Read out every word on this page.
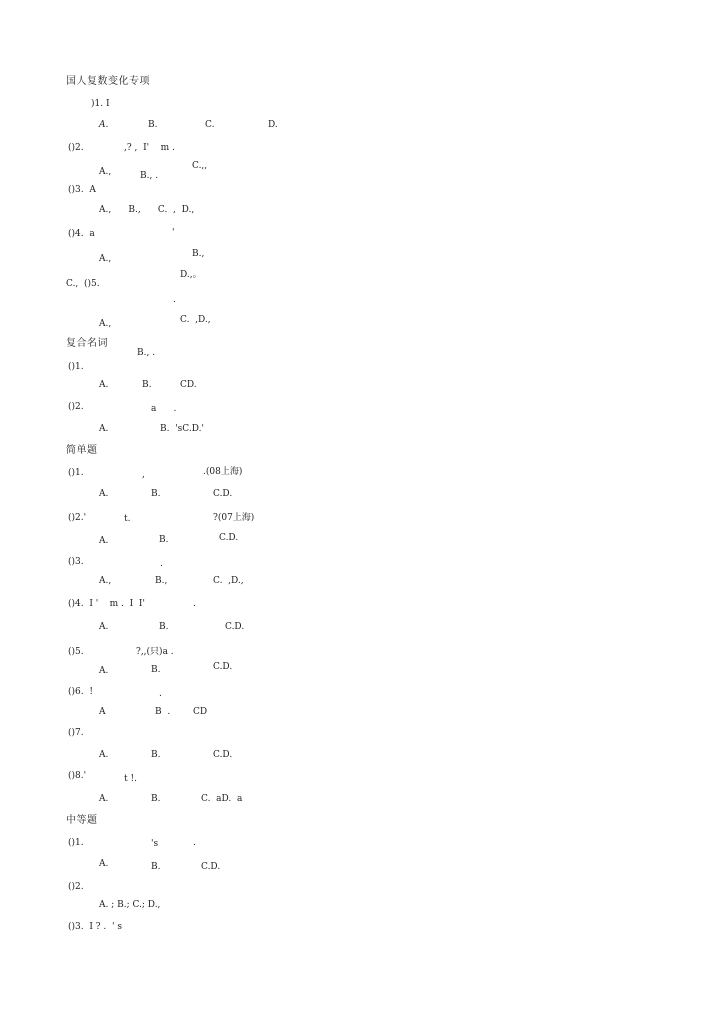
国人复数变化专项
)1. I
A.	B.	C.	D.
()2.	,? ,  I'    m .
C.,,
A.,	B., .
()3.  A
A.,      B.,      C.  ,  D.,
()4.  a	'
B.,
A.,
D.,。
C.,  ()5.
.
A.,	C.  ,D.,
复合名词
B., .
()1.
A.	B.	CD.
()2.	a      .
A.	B.  'sC.D.'
简单题
()1.	,	.(08上海)
A.	B.	C.D.
()2.'	t.	?(07上海)
A.	B.	C.D.
()3.	.
A.,	B.,	C.  ,D.,
()4.  I '    m .  I  I'	.
A.	B.	C.D.
()5.	?,,(只)a .
A.	B.	C.D.
()6.  !	.
A	B  .	CD
()7.
A.	B.	C.D.
()8.'	t !.
A.	B.	C.  aD.  a
中等题
()1.	's	.
A.	B.	C.D.
()2.
A. ; B.; C.; D.,
()3.  I ? .  ' s
